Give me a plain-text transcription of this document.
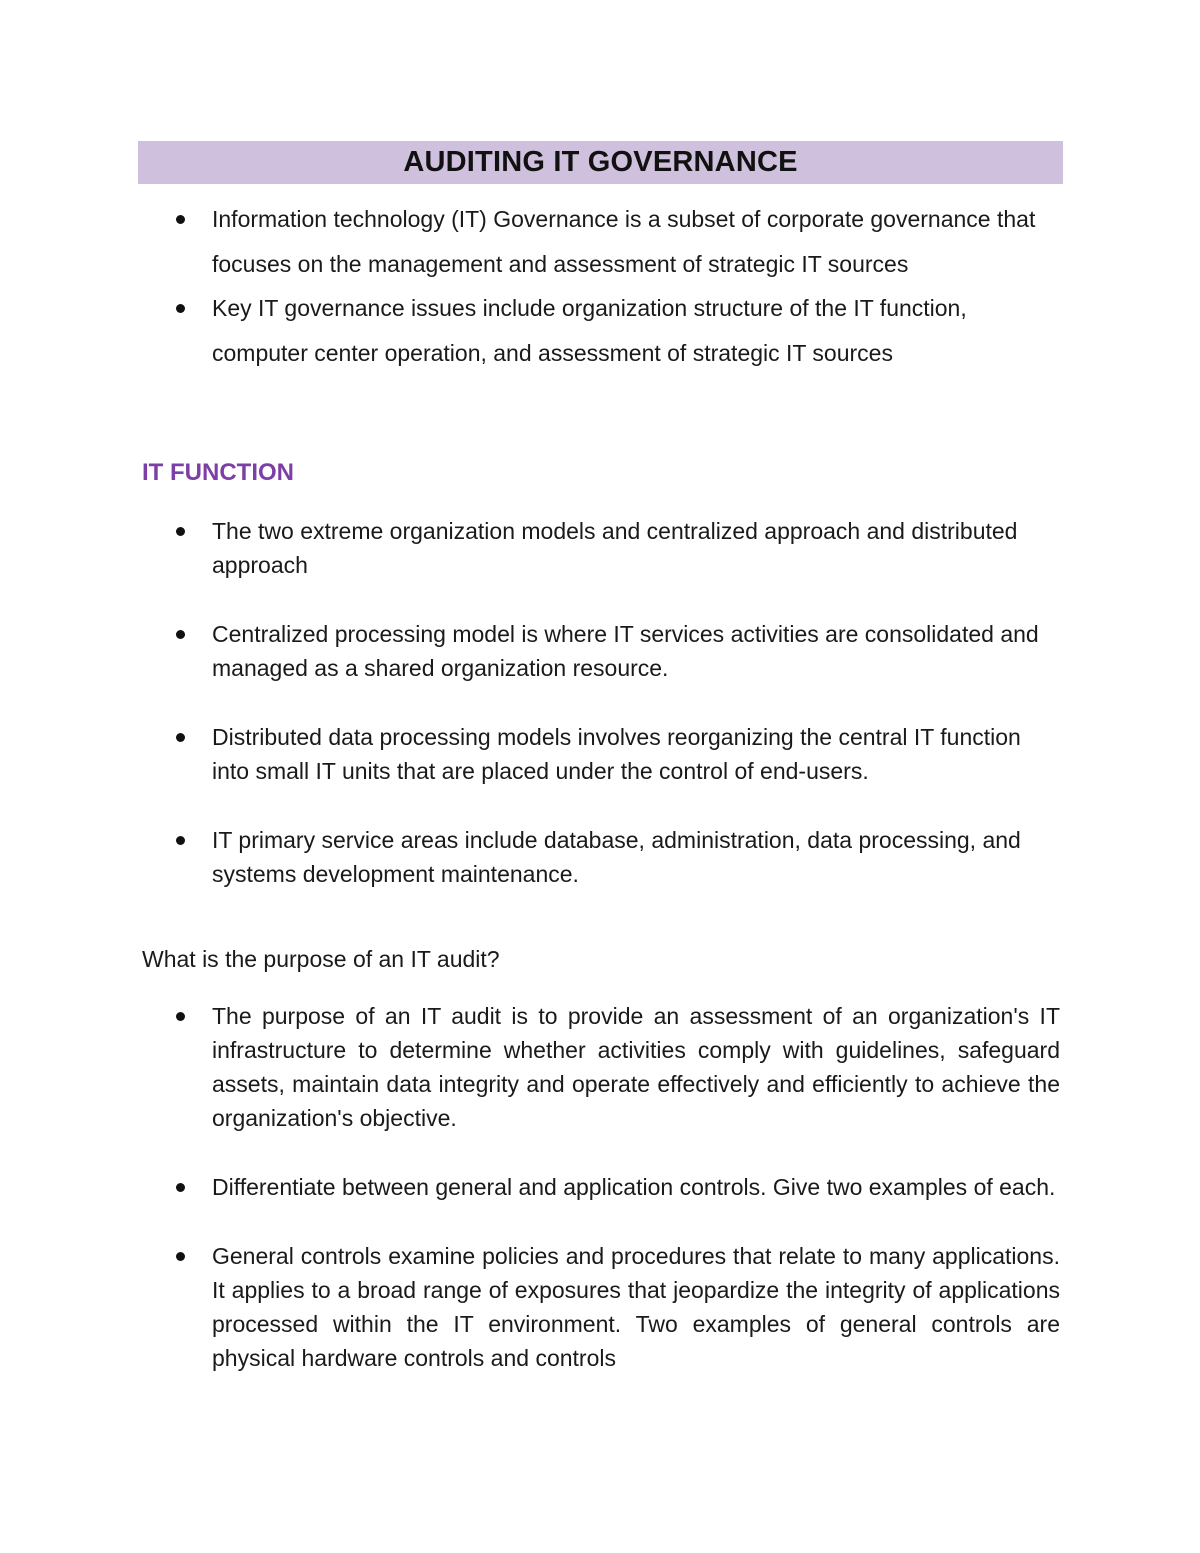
AUDITING IT GOVERNANCE
Information technology (IT) Governance is a subset of corporate governance that focuses on the management and assessment of strategic IT sources
Key IT governance issues include organization structure of the IT function, computer center operation, and assessment of strategic IT sources
IT FUNCTION
The two extreme organization models and centralized approach and distributed approach
Centralized processing model is where IT services activities are consolidated and managed as a shared organization resource.
Distributed data processing models involves reorganizing the central IT function into small IT units that are placed under the control of end-users.
IT primary service areas include database, administration, data processing, and systems development maintenance.
What is the purpose of an IT audit?
The purpose of an IT audit is to provide an assessment of an organization's IT infrastructure to determine whether activities comply with guidelines, safeguard assets, maintain data integrity and operate effectively and efficiently to achieve the organization's objective.
Differentiate between general and application controls. Give two examples of each.
General controls examine policies and procedures that relate to many applications. It applies to a broad range of exposures that jeopardize the integrity of applications processed within the IT environment. Two examples of general controls are physical hardware controls and controls
